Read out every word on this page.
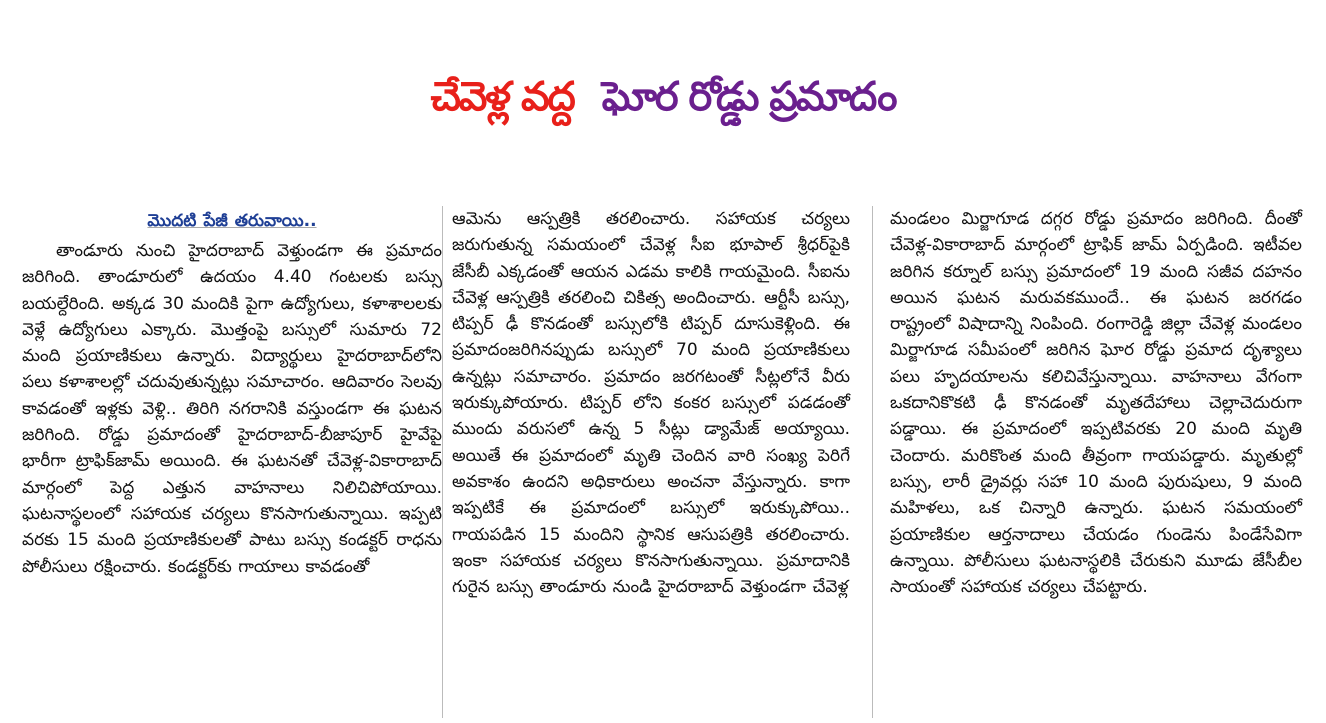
చేవెళ్ల వద్ద ఘోర రోడ్డు ప్రమాదం
మొదటి పేజీ తరువాయి..

తాండూరు నుంచి హైదరాబాద్ వెళ్తుండగా ఈ ప్రమాదం జరిగింది. తాండూరులో ఉదయం 4.40 గంటలకు బస్సు బయల్దేరింది. అక్కడ 30 మందికి పైగా ఉద్యోగులు, కళాశాలలకు వెళ్లే ఉద్యోగులు ఎక్కారు. మొత్తంపై బస్సులో సుమారు 72 మంది ప్రయాణికులు ఉన్నారు. విద్యార్థులు హైదరాబాద్‌లోని పలు కళాశాలల్లో చదువుతున్నట్లు సమాచారం. ఆదివారం సెలవు కావడంతో ఇళ్లకు వెళ్లి.. తిరిగి నగరానికి వస్తుండగా ఈ ఘటన జరిగింది. రోడ్డు ప్రమాదంతో హైదరాబాద్-బీజాపూర్ హైవేపై భారీగా ట్రాఫిక్‌జామ్ అయింది. ఈ ఘటనతో చేవెళ్ల-వికారాబాద్ మార్గంలో పెద్ద ఎత్తున వాహనాలు నిలిచిపోయాయి. ఘటనాస్థలంలో సహాయక చర్యలు కొనసాగుతున్నాయి. ఇప్పటి వరకు 15 మంది ప్రయాణికులతో పాటు బస్సు కండక్టర్ రాధను పోలీసులు రక్షించారు. కండక్టర్‌కు గాయాలు కావడంతో

ఆమెను ఆస్పత్రికి తరలించారు. సహాయక చర్యలు జరుగుతున్న సమయంలో చేవెళ్ల సీఐ భూపాల్ శ్రీధర్‌పైకి జేసీబీ ఎక్కడంతో ఆయన ఎడమ కాలికి గాయమైంది. సీఐను చేవెళ్ల ఆస్పత్రికి తరలించి చికిత్స అందించారు. ఆర్టీసీ బస్సు, టిప్పర్ ఢీ కొనడంతో బస్సులోకి టిప్పర్ దూసుకెళ్లింది. ఈ ప్రమాదంజరిగినప్పుడు బస్సులో 70 మంది ప్రయాణికులు ఉన్నట్లు సమాచారం. ప్రమాదం జరగటంతో సీట్లలోనే వీరు ఇరుక్కుపోయారు. టిప్పర్ లోని కంకర బస్సులో పడడంతో ముందు వరుసలో ఉన్న 5 సీట్లు డ్యామేజ్ అయ్యాయి. అయితే ఈ ప్రమాదంలో మృతి చెందిన వారి సంఖ్య పెరిగే అవకాశం ఉందని అధికారులు అంచనా వేస్తున్నారు. కాగా ఇప్పటికే ఈ ప్రమాదంలో బస్సులో ఇరుక్కుపోయి.. గాయపడిన 15 మందిని స్థానిక ఆసుపత్రికి తరలించారు. ఇంకా సహాయక చర్యలు కొనసాగుతున్నాయి. ప్రమాదానికి గురైన బస్సు తాండూరు నుండి హైదరాబాద్ వెళ్తుండగా చేవెళ్ల

మండలం మిర్జాగూడ దగ్గర రోడ్డు ప్రమాదం జరిగింది. దీంతో చేవెళ్ల-వికారాబాద్ మార్గంలో ట్రాఫిక్ జామ్ ఏర్పడింది. ఇటీవల జరిగిన కర్నూల్ బస్సు ప్రమాదంలో 19 మంది సజీవ దహనం అయిన ఘటన మరువకముందే.. ఈ ఘటన జరగడం రాష్ట్రంలో విషాదాన్ని నింపింది. రంగారెడ్డి జిల్లా చేవెళ్ల మండలం మిర్జాగూడ సమీపంలో జరిగిన ఘోర రోడ్డు ప్రమాద దృశ్యాలు పలు హృదయాలను కలిచివేస్తున్నాయి. వాహనాలు వేగంగా ఒకదానికొకటి ఢీ కొనడంతో మృతదేహాలు చెల్లాచెదురుగా పడ్డాయి. ఈ ప్రమాదంలో ఇప్పటివరకు 20 మంది మృతి చెందారు. మరికొంత మంది తీవ్రంగా గాయపడ్డారు. మృతుల్లో బస్సు, లారీ డ్రైవర్లు సహా 10 మంది పురుషులు, 9 మంది మహిళలు, ఒక చిన్నారి ఉన్నారు. ఘటన సమయంలో ప్రయాణికుల ఆర్తనాదాలు చేయడం గుండెను పిండేసేవిగా ఉన్నాయి. పోలీసులు ఘటనాస్థలికి చేరుకుని మూడు జేసీబీల సాయంతో సహాయక చర్యలు చేపట్టారు.
